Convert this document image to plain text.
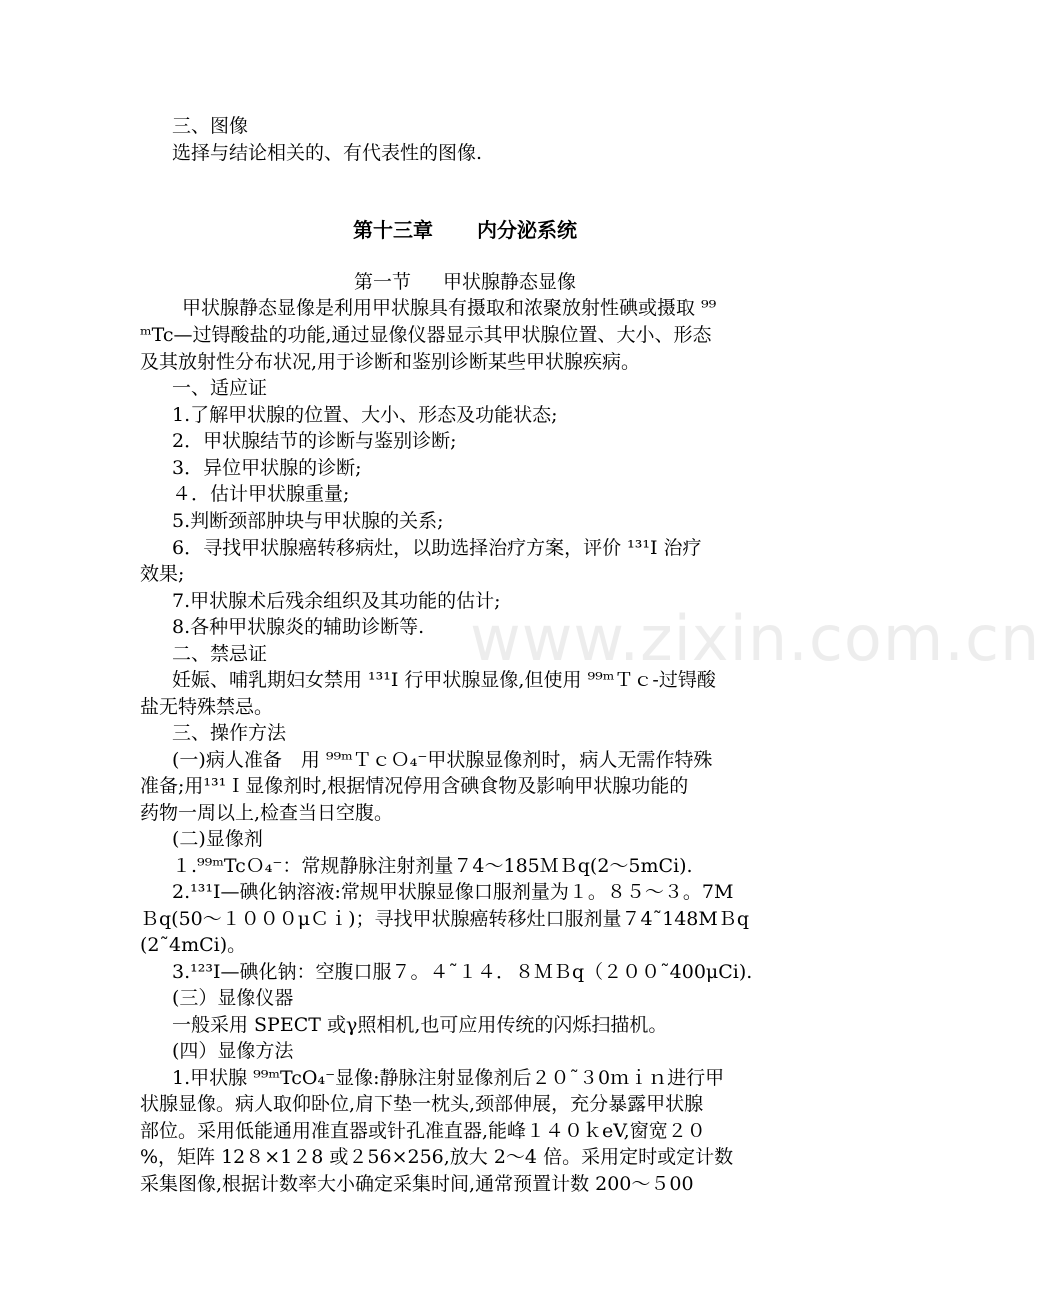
www.zixin.com.cn
三、图像
选择与结论相关的、有代表性的图像.
第十三章 内分泌系统
第一节 甲状腺静态显像
甲状腺静态显像是利用甲状腺具有摄取和浓聚放射性碘或摄取 ⁹⁹
ᵐTc—过锝酸盐的功能,通过显像仪器显示其甲状腺位置、大小、形态
及其放射性分布状况,用于诊断和鉴别诊断某些甲状腺疾病。
一、适应证
1.了解甲状腺的位置、大小、形态及功能状态;
2．甲状腺结节的诊断与鉴别诊断;
3．异位甲状腺的诊断;
４．估计甲状腺重量;
5.判断颈部肿块与甲状腺的关系;
6．寻找甲状腺癌转移病灶，以助选择治疗方案，评价 ¹³¹I 治疗
效果;
7.甲状腺术后残余组织及其功能的估计;
8.各种甲状腺炎的辅助诊断等.
二、禁忌证
妊娠、哺乳期妇女禁用 ¹³¹I 行甲状腺显像,但使用 ⁹⁹ᵐＴｃ-过锝酸
盐无特殊禁忌。
三、操作方法
(一)病人准备　用 ⁹⁹ᵐＴｃＯ₄⁻甲状腺显像剂时，病人无需作特殊
准备;用¹³¹Ｉ显像剂时,根据情况停用含碘食物及影响甲状腺功能的
药物一周以上,检查当日空腹。
(二)显像剂
１.⁹⁹ᵐTcＯ₄⁻：常规静脉注射剂量７4～185ＭＢq(2～5mCi).
2.¹³¹I—碘化钠溶液:常规甲状腺显像口服剂量为１。８５～３。7M
Ｂq(50～１０００μＣｉ)；寻找甲状腺癌转移灶口服剂量７4˜148MＢq
(2˜4mCi)。
3.¹²³I—碘化钠：空腹口服７。４˜１４．８ＭＢq（２００˜400μCi).
(三）显像仪器
一般采用 SPECT 或γ照相机,也可应用传统的闪烁扫描机。
(四）显像方法
1.甲状腺 ⁹⁹ᵐTcO₄⁻显像:静脉注射显像剂后２０˜３0ｍｉｎ进行甲
状腺显像。病人取仰卧位,肩下垫一枕头,颈部伸展，充分暴露甲状腺
部位。采用低能通用准直器或针孔准直器,能峰１４０ｋeV,窗宽２０
%，矩阵 12８×1２8 或２56×256,放大 2～4 倍。采用定时或定计数
采集图像,根据计数率大小确定采集时间,通常预置计数 200～５00
